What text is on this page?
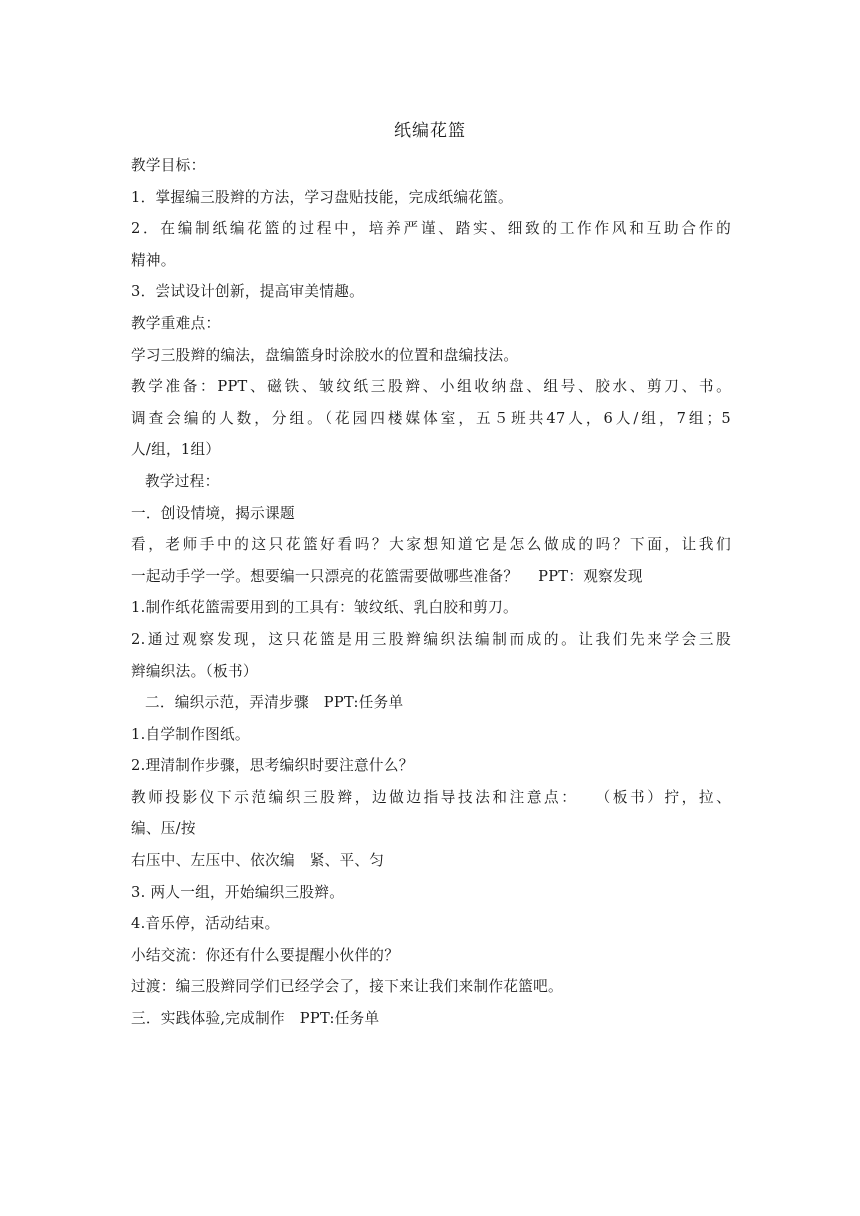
纸编花篮
教学目标：
1．掌握编三股辫的方法，学习盘贴技能，完成纸编花篮。
2．在编制纸编花篮的过程中，培养严谨、踏实、细致的工作作风和互助合作的
精神。
3．尝试设计创新，提高审美情趣。
教学重难点：
学习三股辫的编法，盘编篮身时涂胶水的位置和盘编技法。
教学准备：PPT、磁铁、皱纹纸三股辫、小组收纳盘、组号、胶水、剪刀、书。
调查会编的人数，分组。（花园四楼媒体室，五５班共47人，6人/组，7组；5
人/组，1组）
教学过程：
一．创设情境，揭示课题
看，老师手中的这只花篮好看吗？大家想知道它是怎么做成的吗？下面，让我们
一起动手学一学。想要编一只漂亮的花篮需要做哪些准备？　 PPT：观察发现
1.制作纸花篮需要用到的工具有：皱纹纸、乳白胶和剪刀。
2.通过观察发现，这只花篮是用三股辫编织法编制而成的。让我们先来学会三股
辫编织法。（板书）
二．编织示范，弄清步骤　PPT:任务单
1.自学制作图纸。
2.理清制作步骤，思考编织时要注意什么？
教师投影仪下示范编织三股辫，边做边指导技法和注意点：　 （板书）拧，拉、
编、压/按
右压中、左压中、依次编　紧、平、匀
3. 两人一组，开始编织三股辫。
4.音乐停，活动结束。
小结交流：你还有什么要提醒小伙伴的？
过渡：编三股辫同学们已经学会了，接下来让我们来制作花篮吧。
三．实践体验,完成制作　PPT:任务单
